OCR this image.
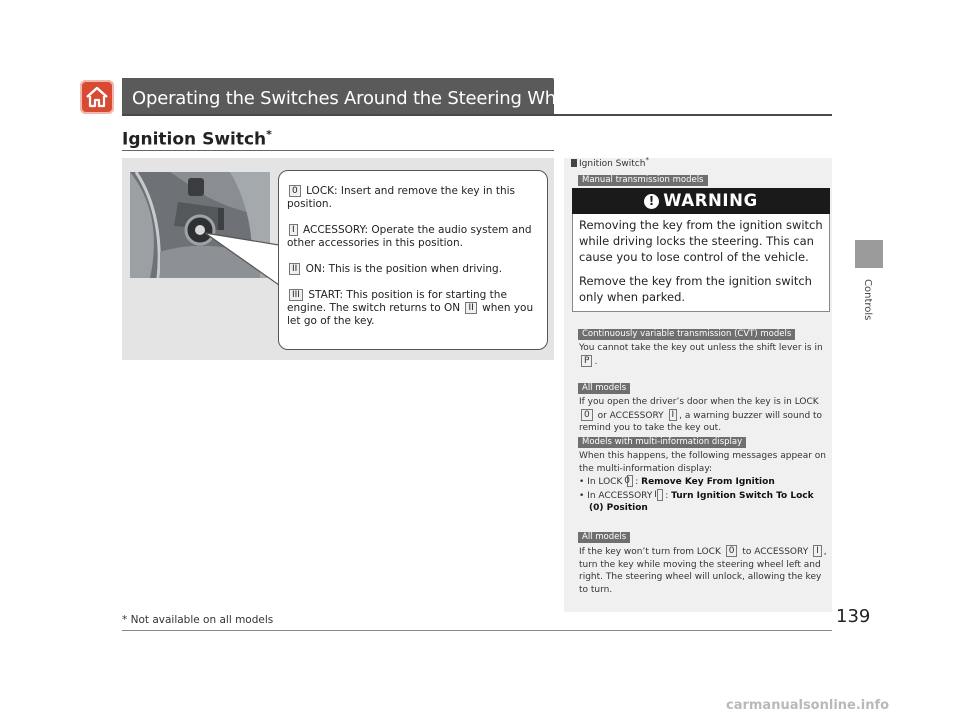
Operating the Switches Around the Steering Wheel
Controls
Ignition Switch*

0 LOCK: Insert and remove the key in this position.

I ACCESSORY: Operate the audio system and other accessories in this position.

II ON: This is the position when driving.

III START: This position is for starting the engine. The switch returns to ON II when you let go of the key.

Ignition Switch*
Manual transmission models
! WARNING

Removing the key from the ignition switch while driving locks the steering. This can cause you to lose control of the vehicle.

Remove the key from the ignition switch only when parked.

Continuously variable transmission (CVT) models
You cannot take the key out unless the shift lever is in P .
All models
If you open the driver’s door when the key is in LOCK 0 or ACCESSORY I , a warning buzzer will sound to remind you to take the key out.
Models with multi-information display
When this happens, the following messages appear on the multi-information display:
• In LOCK 0 : Remove Key From Ignition
• In ACCESSORY I : Turn Ignition Switch To Lock
(0) Position
All models
If the key won’t turn from LOCK 0 to ACCESSORY I , turn the key while moving the steering wheel left and right. The steering wheel will unlock, allowing the key to turn.
* Not available on all models	139
carmanualsonline.info
